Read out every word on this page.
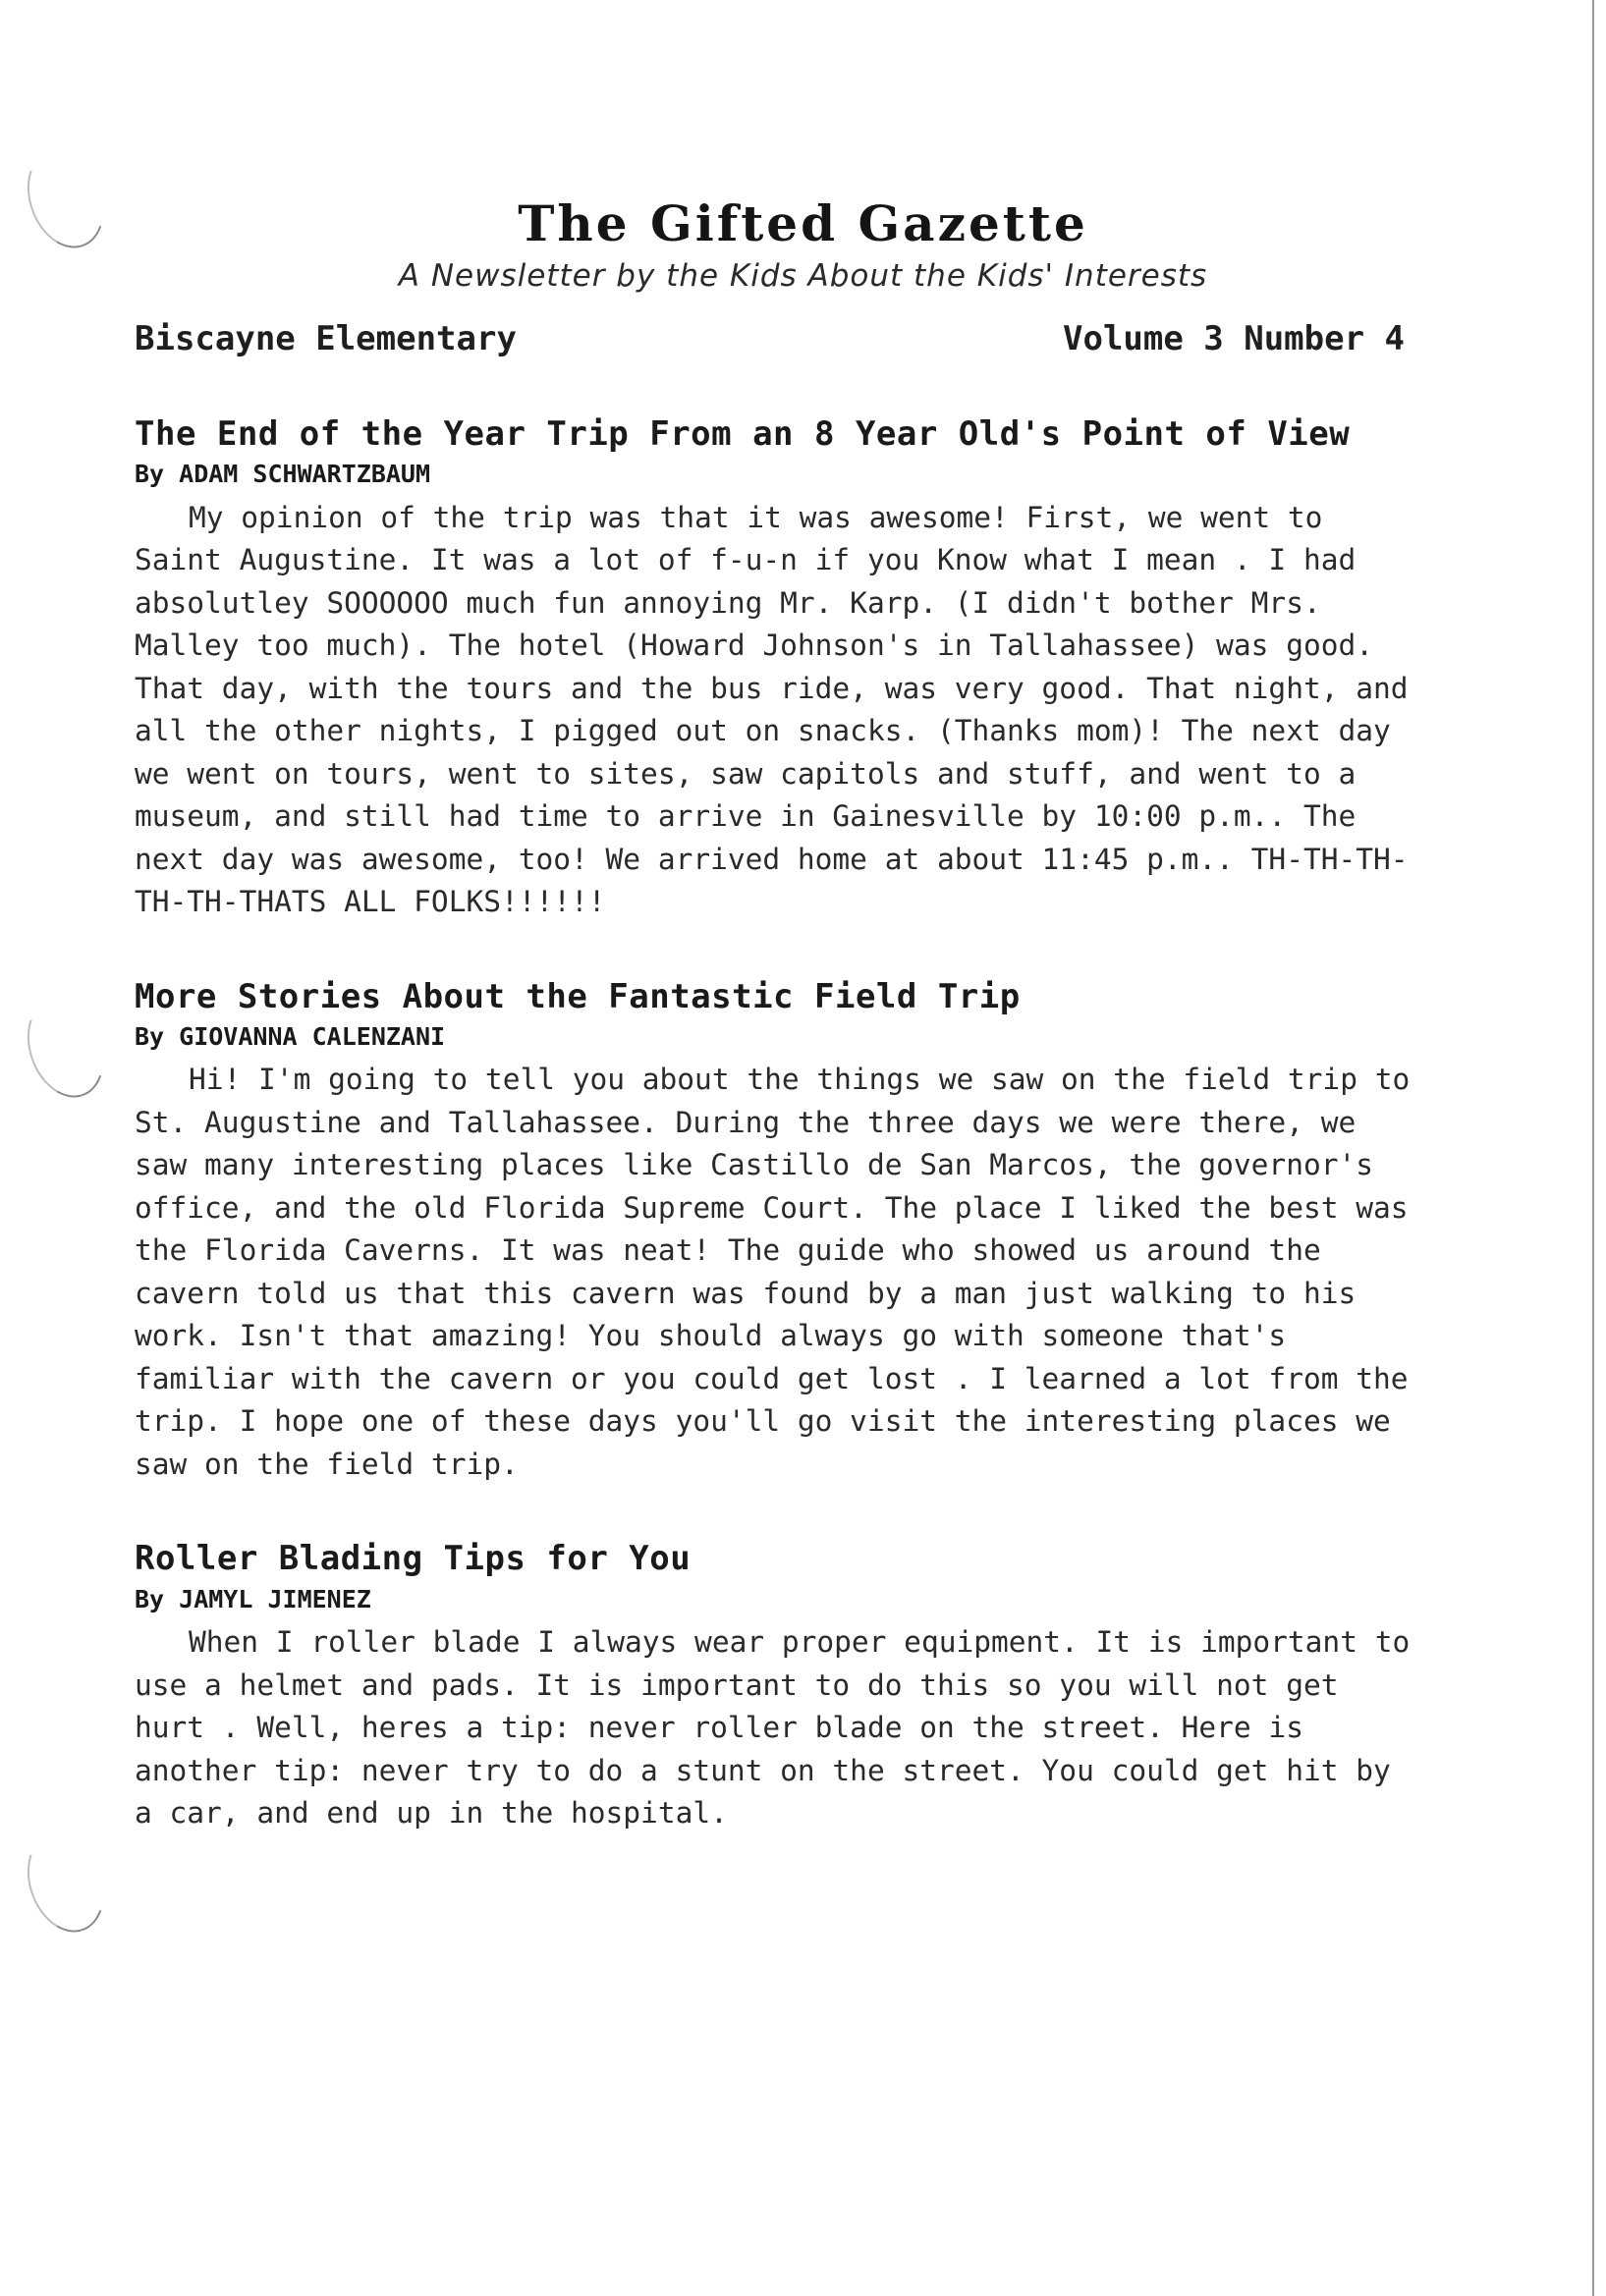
The Gifted Gazette
A Newsletter by the Kids About the Kids' Interests
Biscayne Elementary	Volume 3 Number 4
The End of the Year Trip From an 8 Year Old's Point of View
By ADAM SCHWARTZBAUM
My opinion of the trip was that it was awesome! First, we went to Saint Augustine. It was a lot of f-u-n if you Know what I mean . I had absolutley SOOOOOO much fun annoying Mr. Karp. (I didn't bother Mrs. Malley too much). The hotel (Howard Johnson's in Tallahassee) was good. That day, with the tours and the bus ride, was very good. That night, and all the other nights, I pigged out on snacks. (Thanks mom)! The next day we went on tours, went to sites, saw capitols and stuff, and went to a museum, and still had time to arrive in Gainesville by 10:00 p.m.. The next day was awesome, too! We arrived home at about 11:45 p.m.. TH-TH-TH-TH-TH-THATS ALL FOLKS!!!!!!
More Stories About the Fantastic Field Trip
By GIOVANNA CALENZANI
Hi! I'm going to tell you about the things we saw on the field trip to St. Augustine and Tallahassee. During the three days we were there, we saw many interesting places like Castillo de San Marcos, the governor's office, and the old Florida Supreme Court. The place I liked the best was the Florida Caverns. It was neat! The guide who showed us around the cavern told us that this cavern was found by a man just walking to his work. Isn't that amazing! You should always go with someone that's familiar with the cavern or you could get lost . I learned a lot from the trip. I hope one of these days you'll go visit the interesting places we saw on the field trip.
Roller Blading Tips for You
By JAMYL JIMENEZ
When I roller blade I always wear proper equipment. It is important to use a helmet and pads. It is important to do this so you will not get hurt . Well, heres a tip: never roller blade on the street. Here is another tip: never try to do a stunt on the street. You could get hit by a car, and end up in the hospital.
